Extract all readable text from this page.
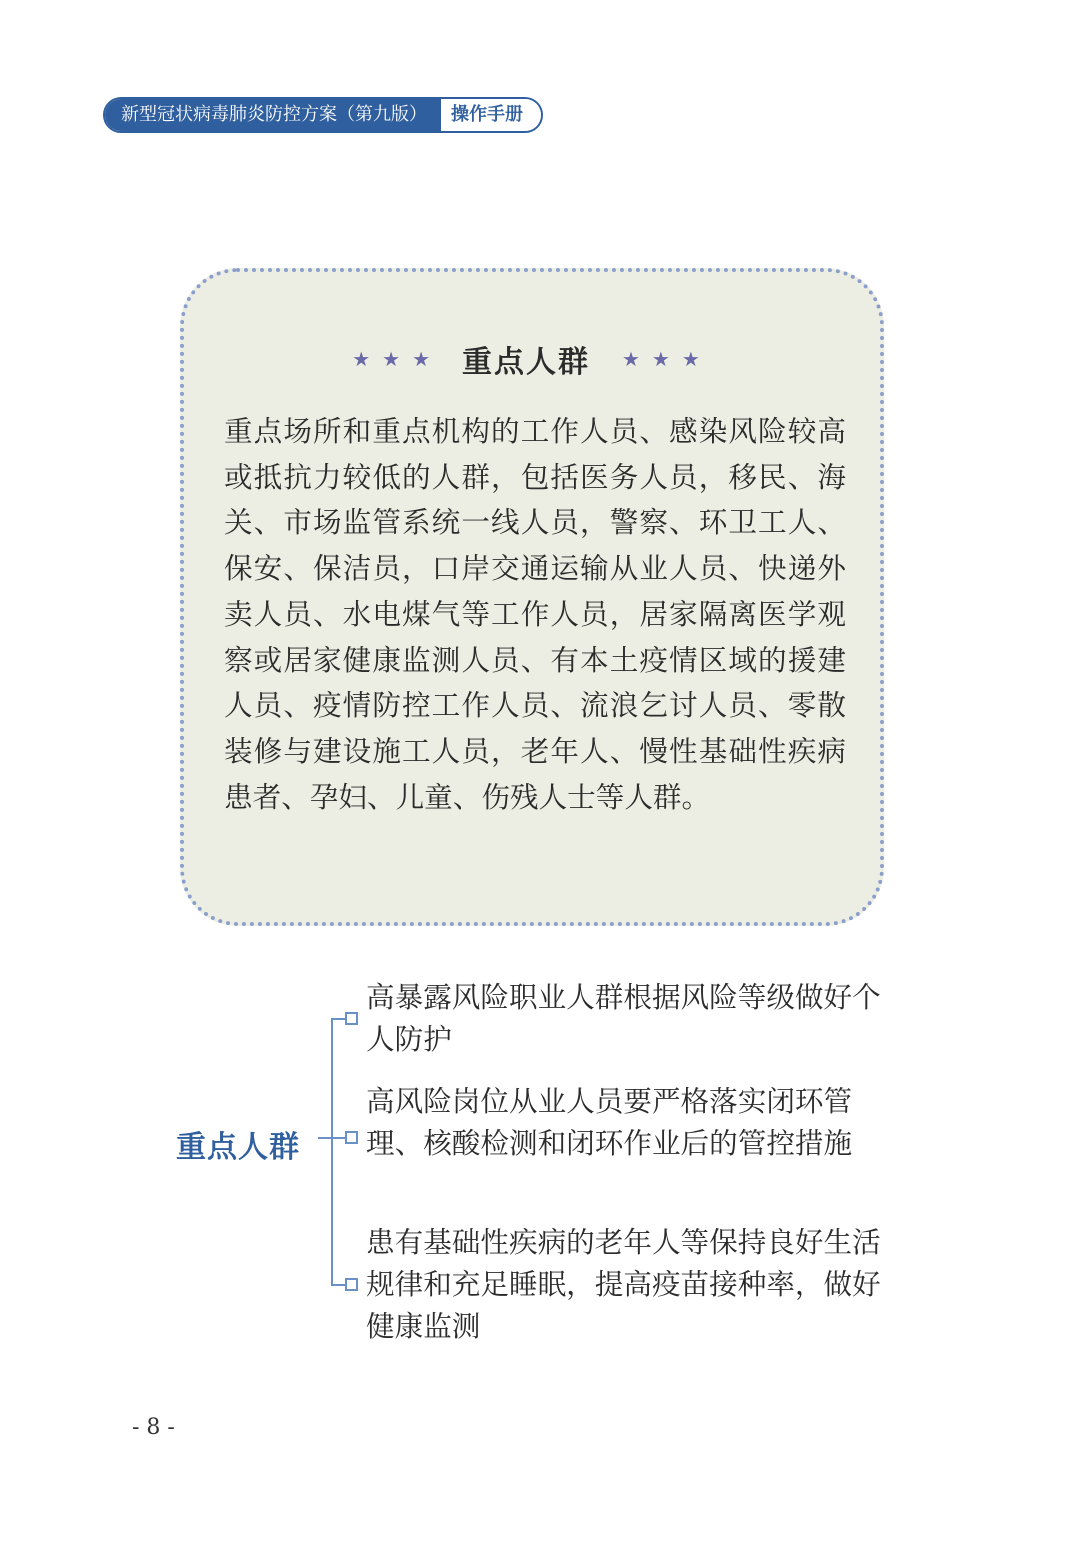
新型冠状病毒肺炎防控方案（第九版）	操作手册
★★★ 重点人群 ★★★

重点场所和重点机构的工作人员、感染风险较高或抵抗力较低的人群，包括医务人员，移民、海关、市场监管系统一线人员，警察、环卫工人、保安、保洁员，口岸交通运输从业人员、快递外卖人员、水电煤气等工作人员，居家隔离医学观察或居家健康监测人员、有本土疫情区域的援建人员、疫情防控工作人员、流浪乞讨人员、零散装修与建设施工人员，老年人、慢性基础性疾病患者、孕妇、儿童、伤残人士等人群。

重点人群

高暴露风险职业人群根据风险等级做好个人防护

高风险岗位从业人员要严格落实闭环管理、核酸检测和闭环作业后的管控措施

患有基础性疾病的老年人等保持良好生活规律和充足睡眠，提高疫苗接种率，做好健康监测

- 8 -
